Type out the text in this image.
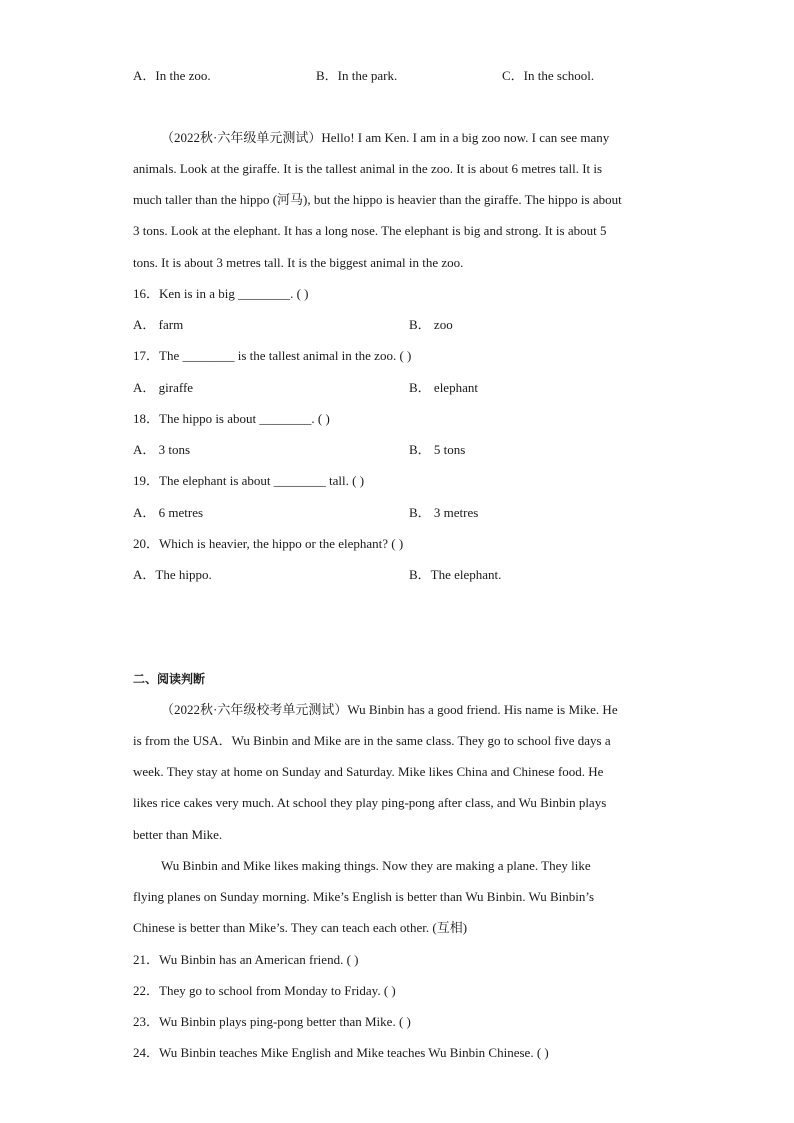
A．In the zoo.	B．In the park.	C．In the school.
（2022秋·六年级单元测试）Hello! I am Ken. I am in a big zoo now. I can see many
animals. Look at the giraffe. It is the tallest animal in the zoo. It is about 6 metres tall. It is
much taller than the hippo (河马), but the hippo is heavier than the giraffe. The hippo is about
3 tons. Look at the elephant. It has a long nose. The elephant is big and strong. It is about 5
tons. It is about 3 metres tall. It is the biggest animal in the zoo.
16．Ken is in a big ________. ( )
A． farm	B． zoo
17．The ________ is the tallest animal in the zoo. ( )
A． giraffe	B． elephant
18．The hippo is about ________. ( )
A． 3 tons	B． 5 tons
19．The elephant is about ________ tall. ( )
A． 6 metres	B． 3 metres
20．Which is heavier, the hippo or the elephant? ( )
A．The hippo.	B．The elephant.
二、阅读判断
（2022秋·六年级校考单元测试）Wu Binbin has a good friend. His name is Mike. He
is from the USA．Wu Binbin and Mike are in the same class. They go to school five days a
week. They stay at home on Sunday and Saturday. Mike likes China and Chinese food. He
likes rice cakes very much. At school they play ping-pong after class, and Wu Binbin plays
better than Mike.
Wu Binbin and Mike likes making things. Now they are making a plane. They like
flying planes on Sunday morning. Mike’s English is better than Wu Binbin. Wu Binbin’s
Chinese is better than Mike’s. They can teach each other. (互相)
21．Wu Binbin has an American friend. ( )
22．They go to school from Monday to Friday. ( )
23．Wu Binbin plays ping-pong better than Mike. ( )
24．Wu Binbin teaches Mike English and Mike teaches Wu Binbin Chinese. ( )
